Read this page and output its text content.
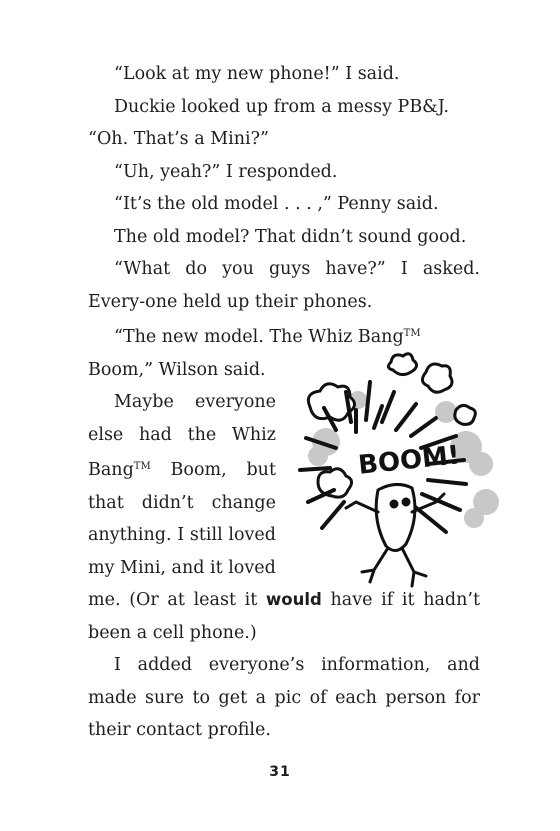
“Look at my new phone!” I said.

Duckie looked up from a messy PB&J.
“Oh. That’s a Mini?”

“Uh, yeah?” I responded.

“It’s the old model . . . ,” Penny said.

The old model? That didn’t sound good.

“What do you guys have?” I asked. Every-one held up their phones.

“The new model. The Whiz Bang™
Boom,” Wilson said.

Maybe everyone else had the Whiz Bang™ Boom, but that didn’t change anything. I still loved my Mini, and it loved

me. (Or at least it would have if it hadn’t been a cell phone.)

I added everyone’s information, and made sure to get a pic of each person for their contact profile.

BOOM!
31
